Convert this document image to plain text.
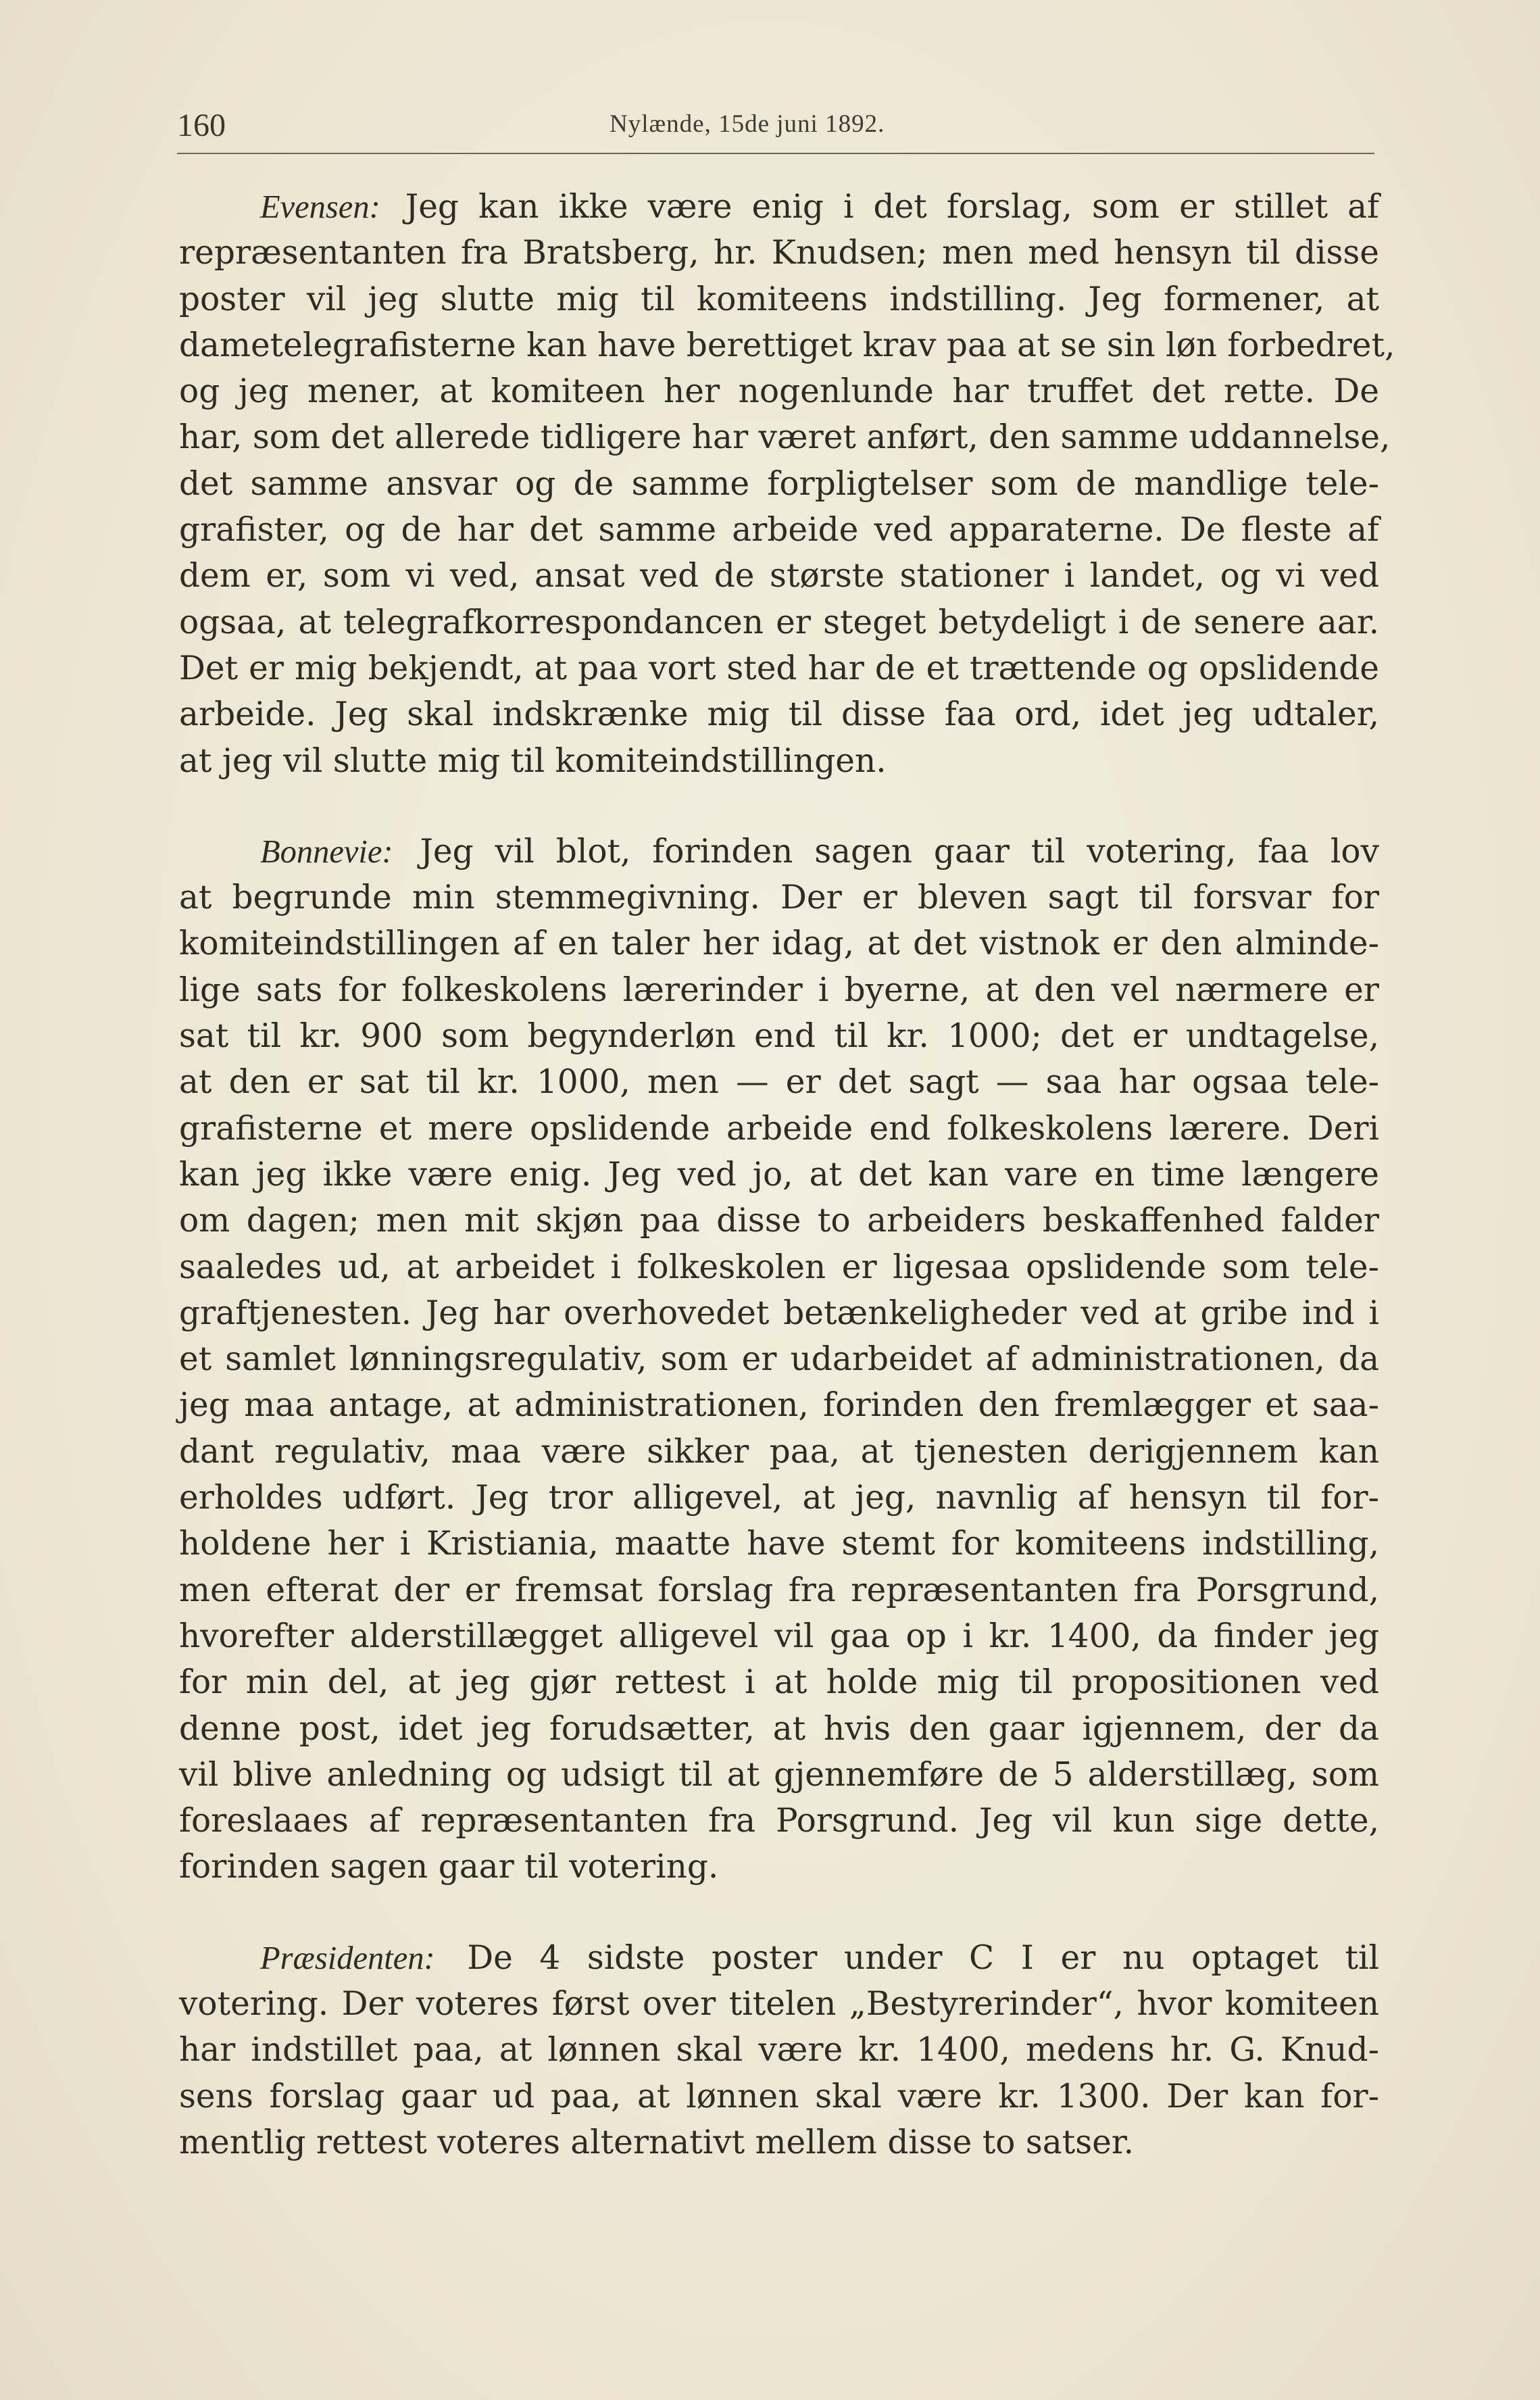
160	Nylænde, 15de juni 1892.
Evensen: Jeg kan ikke være enig i det forslag, som er stillet af
repræsentanten fra Bratsberg, hr. Knudsen; men med hensyn til disse
poster vil jeg slutte mig til komiteens indstilling. Jeg formener, at
dametelegrafisterne kan have berettiget krav paa at se sin løn forbedret,
og jeg mener, at komiteen her nogenlunde har truffet det rette. De
har, som det allerede tidligere har været anført, den samme uddannelse,
det samme ansvar og de samme forpligtelser som de mandlige tele-
grafister, og de har det samme arbeide ved apparaterne. De fleste af
dem er, som vi ved, ansat ved de største stationer i landet, og vi ved
ogsaa, at telegrafkorrespondancen er steget betydeligt i de senere aar.
Det er mig bekjendt, at paa vort sted har de et trættende og opslidende
arbeide. Jeg skal indskrænke mig til disse faa ord, idet jeg udtaler,
at jeg vil slutte mig til komiteindstillingen.
Bonnevie: Jeg vil blot, forinden sagen gaar til votering, faa lov
at begrunde min stemmegivning. Der er bleven sagt til forsvar for
komiteindstillingen af en taler her idag, at det vistnok er den alminde-
lige sats for folkeskolens lærerinder i byerne, at den vel nærmere er
sat til kr. 900 som begynderløn end til kr. 1000; det er undtagelse,
at den er sat til kr. 1000, men — er det sagt — saa har ogsaa tele-
grafisterne et mere opslidende arbeide end folkeskolens lærere. Deri
kan jeg ikke være enig. Jeg ved jo, at det kan vare en time længere
om dagen; men mit skjøn paa disse to arbeiders beskaffenhed falder
saaledes ud, at arbeidet i folkeskolen er ligesaa opslidende som tele-
graftjenesten. Jeg har overhovedet betænkeligheder ved at gribe ind i
et samlet lønningsregulativ, som er udarbeidet af administrationen, da
jeg maa antage, at administrationen, forinden den fremlægger et saa-
dant regulativ, maa være sikker paa, at tjenesten derigjennem kan
erholdes udført. Jeg tror alligevel, at jeg, navnlig af hensyn til for-
holdene her i Kristiania, maatte have stemt for komiteens indstilling,
men efterat der er fremsat forslag fra repræsentanten fra Porsgrund,
hvorefter alderstillægget alligevel vil gaa op i kr. 1400, da finder jeg
for min del, at jeg gjør rettest i at holde mig til propositionen ved
denne post, idet jeg forudsætter, at hvis den gaar igjennem, der da
vil blive anledning og udsigt til at gjennemføre de 5 alderstillæg, som
foreslaaes af repræsentanten fra Porsgrund. Jeg vil kun sige dette,
forinden sagen gaar til votering.
Præsidenten: De 4 sidste poster under C I er nu optaget til
votering. Der voteres først over titelen „Bestyrerinder“, hvor komiteen
har indstillet paa, at lønnen skal være kr. 1400, medens hr. G. Knud-
sens forslag gaar ud paa, at lønnen skal være kr. 1300. Der kan for-
mentlig rettest voteres alternativt mellem disse to satser.
